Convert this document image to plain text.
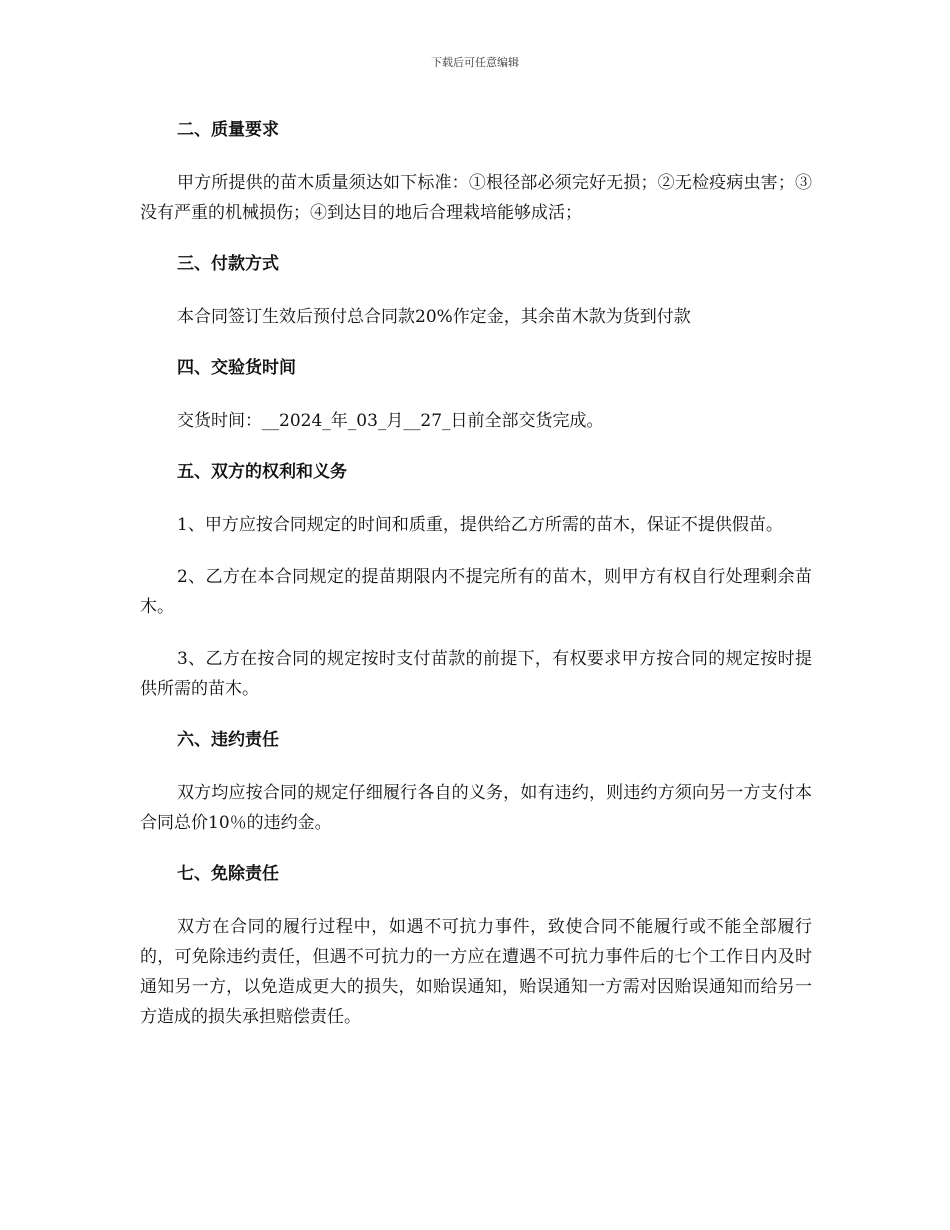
下载后可任意编辑
二、质量要求
甲方所提供的苗木质量须达如下标准：①根径部必须完好无损；②无检疫病虫害；③没有严重的机械损伤；④到达目的地后合理栽培能够成活；
三、付款方式
本合同签订生效后预付总合同款20%作定金，其余苗木款为货到付款
四、交验货时间
交货时间：__2024_年_03_月__27_日前全部交货完成。
五、双方的权利和义务
1、甲方应按合同规定的时间和质重，提供给乙方所需的苗木，保证不提供假苗。
2、乙方在本合同规定的提苗期限内不提完所有的苗木，则甲方有权自行处理剩余苗木。
3、乙方在按合同的规定按时支付苗款的前提下，有权要求甲方按合同的规定按时提供所需的苗木。
六、违约责任
双方均应按合同的规定仔细履行各自的义务，如有违约，则违约方须向另一方支付本合同总价10％的违约金。
七、免除责任
双方在合同的履行过程中，如遇不可抗力事件，致使合同不能履行或不能全部履行的，可免除违约责任，但遇不可抗力的一方应在遭遇不可抗力事件后的七个工作日内及时通知另一方，以免造成更大的损失，如贻误通知，贻误通知一方需对因贻误通知而给另一方造成的损失承担赔偿责任。
